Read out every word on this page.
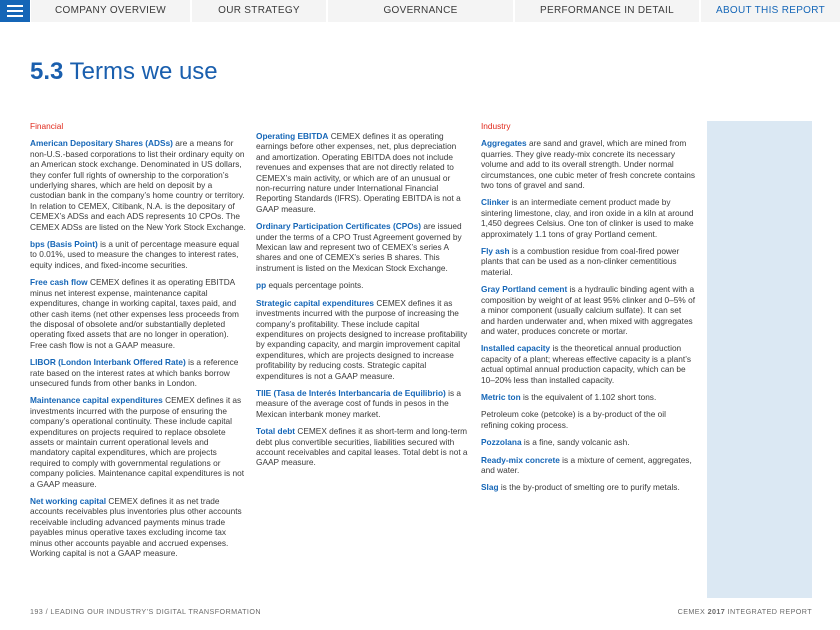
COMPANY OVERVIEW	OUR STRATEGY	GOVERNANCE	PERFORMANCE IN DETAIL	ABOUT THIS REPORT
5.3 Terms we use

Financial

American Depositary Shares (ADSs) are a means for non-U.S.-based corporations to list their ordinary equity on an American stock exchange. Denominated in US dollars, they confer full rights of ownership to the corporation’s underlying shares, which are held on deposit by a custodian bank in the company’s home country or territory. In relation to CEMEX, Citibank, N.A. is the depositary of CEMEX’s ADSs and each ADS represents 10 CPOs. The CEMEX ADSs are listed on the New York Stock Exchange.

bps (Basis Point) is a unit of percentage measure equal to 0.01%, used to measure the changes to interest rates, equity indices, and fixed-income securities.

Free cash flow CEMEX defines it as operating EBITDA minus net interest expense, maintenance capital expenditures, change in working capital, taxes paid, and other cash items (net other expenses less proceeds from the disposal of obsolete and/or substantially depleted operating fixed assets that are no longer in operation). Free cash flow is not a GAAP measure.

LIBOR (London Interbank Offered Rate) is a reference rate based on the interest rates at which banks borrow unsecured funds from other banks in London.

Maintenance capital expenditures CEMEX defines it as investments incurred with the purpose of ensuring the company’s operational continuity. These include capital expenditures on projects required to replace obsolete assets or maintain current operational levels and mandatory capital expenditures, which are projects required to comply with governmental regulations or company policies. Maintenance capital expenditures is not a GAAP measure.

Net working capital CEMEX defines it as net trade accounts receivables plus inventories plus other accounts receivable including advanced payments minus trade payables minus operative taxes excluding income tax minus other accounts payable and accrued expenses. Working capital is not a GAAP measure.

Operating EBITDA CEMEX defines it as operating earnings before other expenses, net, plus depreciation and amortization. Operating EBITDA does not include revenues and expenses that are not directly related to CEMEX’s main activity, or which are of an unusual or non-recurring nature under International Financial Reporting Standards (IFRS). Operating EBITDA is not a GAAP measure.

Ordinary Participation Certificates (CPOs) are issued under the terms of a CPO Trust Agreement governed by Mexican law and represent two of CEMEX’s series A shares and one of CEMEX’s series B shares. This instrument is listed on the Mexican Stock Exchange.

pp equals percentage points.

Strategic capital expenditures CEMEX defines it as investments incurred with the purpose of increasing the company’s profitability. These include capital expenditures on projects designed to increase profitability by expanding capacity, and margin improvement capital expenditures, which are projects designed to increase profitability by reducing costs. Strategic capital expenditures is not a GAAP measure.

TIIE (Tasa de Interés Interbancaria de Equilibrio) is a measure of the average cost of funds in pesos in the Mexican interbank money market.

Total debt CEMEX defines it as short-term and long-term debt plus convertible securities, liabilities secured with account receivables and capital leases. Total debt is not a GAAP measure.

Industry

Aggregates are sand and gravel, which are mined from quarries. They give ready-mix concrete its necessary volume and add to its overall strength. Under normal circumstances, one cubic meter of fresh concrete contains two tons of gravel and sand.

Clinker is an intermediate cement product made by sintering limestone, clay, and iron oxide in a kiln at around 1,450 degrees Celsius. One ton of clinker is used to make approximately 1.1 tons of gray Portland cement.

Fly ash is a combustion residue from coal-fired power plants that can be used as a non-clinker cementitious material.

Gray Portland cement is a hydraulic binding agent with a composition by weight of at least 95% clinker and 0–5% of a minor component (usually calcium sulfate). It can set and harden underwater and, when mixed with aggregates and water, produces concrete or mortar.

Installed capacity is the theoretical annual production capacity of a plant; whereas effective capacity is a plant’s actual optimal annual production capacity, which can be 10–20% less than installed capacity.

Metric ton is the equivalent of 1.102 short tons.

Petroleum coke (petcoke) is a by-product of the oil refining coking process.

Pozzolana is a fine, sandy volcanic ash.

Ready-mix concrete is a mixture of cement, aggregates, and water.

Slag is the by-product of smelting ore to purify metals.

193 / LEADING OUR INDUSTRY’S DIGITAL TRANSFORMATION	CEMEX 2017 INTEGRATED REPORT
